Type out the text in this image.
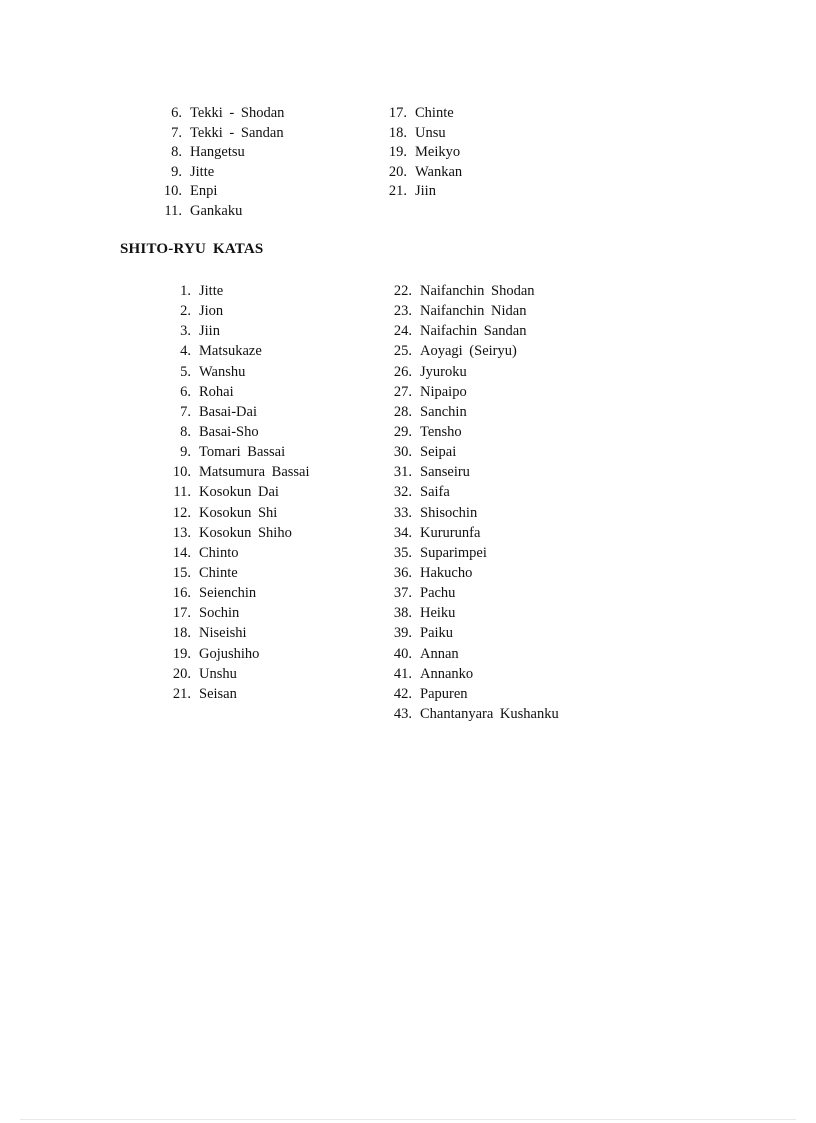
6. Tekki - Shodan
7. Tekki - Sandan
8. Hangetsu
9. Jitte
10. Enpi
11. Gankaku
17. Chinte
18. Unsu
19. Meikyo
20. Wankan
21. Jiin
SHITO-RYU KATAS
1. Jitte
2. Jion
3. Jiin
4. Matsukaze
5. Wanshu
6. Rohai
7. Basai-Dai
8. Basai-Sho
9. Tomari Bassai
10. Matsumura Bassai
11. Kosokun Dai
12. Kosokun Shi
13. Kosokun Shiho
14. Chinto
15. Chinte
16. Seienchin
17. Sochin
18. Niseishi
19. Gojushiho
20. Unshu
21. Seisan
22. Naifanchin Shodan
23. Naifanchin Nidan
24. Naifachin Sandan
25. Aoyagi (Seiryu)
26. Jyuroku
27. Nipaipo
28. Sanchin
29. Tensho
30. Seipai
31. Sanseiru
32. Saifa
33. Shisochin
34. Kururunfa
35. Suparimpei
36. Hakucho
37. Pachu
38. Heiku
39. Paiku
40. Annan
41. Annanko
42. Papuren
43. Chantanyara Kushanku
